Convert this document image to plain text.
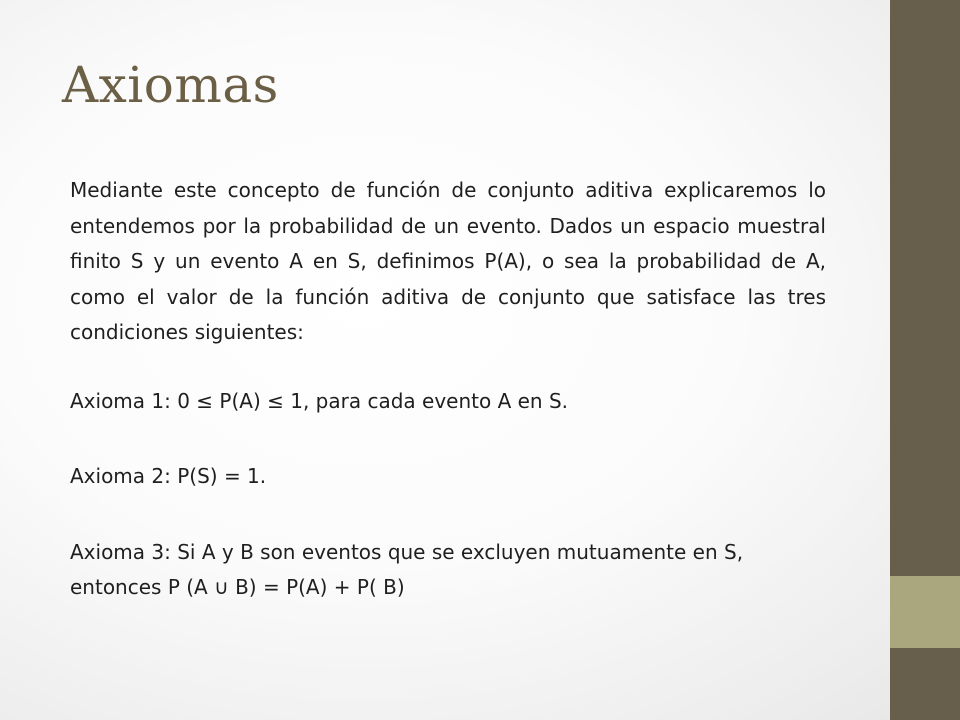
Axiomas

Mediante este concepto de función de conjunto aditiva explicaremos lo entendemos por la probabilidad de un evento. Dados un espacio muestral finito S y un evento A en S, definimos P(A), o sea la probabilidad de A, como el valor de la función aditiva de conjunto que satisface las tres condiciones siguientes:

Axioma 1: 0 ≤ P(A) ≤ 1, para cada evento A en S.

Axioma 2: P(S) = 1.

Axioma 3: Si A y B son eventos que se excluyen mutuamente en S, entonces P (A ∪ B) = P(A) + P( B)
